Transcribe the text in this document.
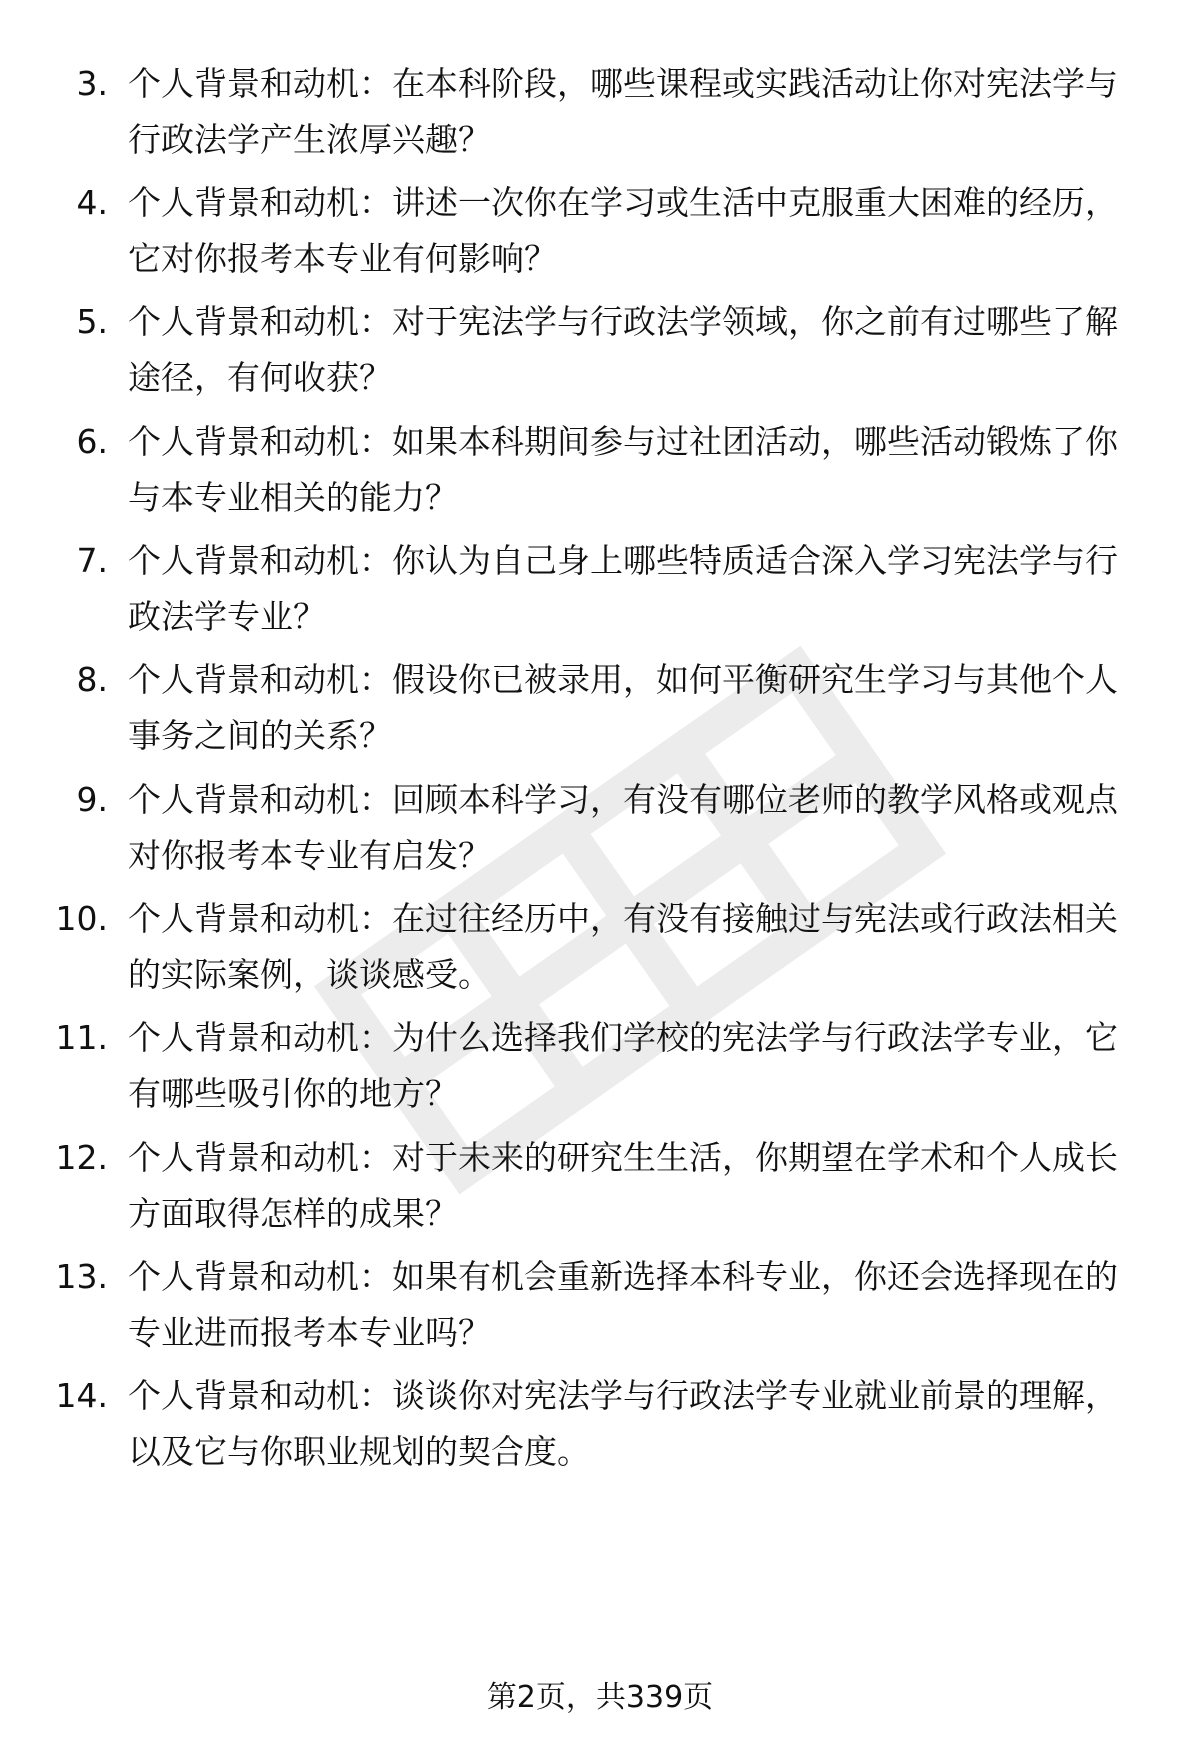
3. 个人背景和动机：在本科阶段，哪些课程或实践活动让你对宪法学与行政法学产生浓厚兴趣？
4. 个人背景和动机：讲述一次你在学习或生活中克服重大困难的经历，它对你报考本专业有何影响？
5. 个人背景和动机：对于宪法学与行政法学领域，你之前有过哪些了解途径，有何收获？
6. 个人背景和动机：如果本科期间参与过社团活动，哪些活动锻炼了你与本专业相关的能力？
7. 个人背景和动机：你认为自己身上哪些特质适合深入学习宪法学与行政法学专业？
8. 个人背景和动机：假设你已被录用，如何平衡研究生学习与其他个人事务之间的关系？
9. 个人背景和动机：回顾本科学习，有没有哪位老师的教学风格或观点对你报考本专业有启发？
10. 个人背景和动机：在过往经历中，有没有接触过与宪法或行政法相关的实际案例，谈谈感受。
11. 个人背景和动机：为什么选择我们学校的宪法学与行政法学专业，它有哪些吸引你的地方？
12. 个人背景和动机：对于未来的研究生生活，你期望在学术和个人成长方面取得怎样的成果？
13. 个人背景和动机：如果有机会重新选择本科专业，你还会选择现在的专业进而报考本专业吗？
14. 个人背景和动机：谈谈你对宪法学与行政法学专业就业前景的理解，以及它与你职业规划的契合度。
第2页，共339页
